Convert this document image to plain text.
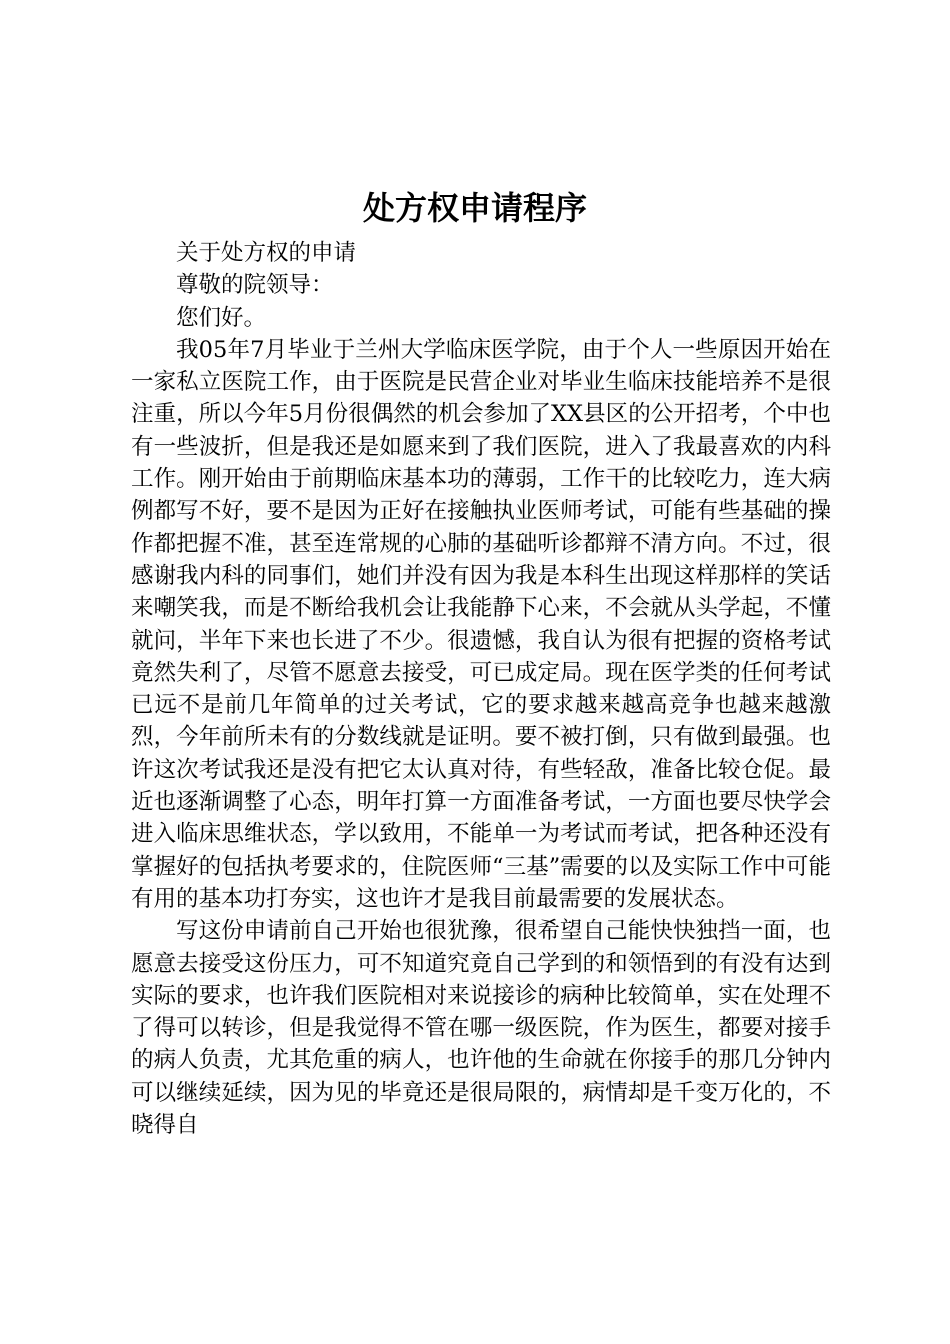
处方权申请程序

关于处方权的申请

尊敬的院领导：

您们好。

我05年7月毕业于兰州大学临床医学院，由于个人一些原因开始在一家私立医院工作，由于医院是民营企业对毕业生临床技能培养不是很注重，所以今年5月份很偶然的机会参加了XX县区的公开招考，个中也有一些波折，但是我还是如愿来到了我们医院，进入了我最喜欢的内科工作。刚开始由于前期临床基本功的薄弱，工作干的比较吃力，连大病例都写不好，要不是因为正好在接触执业医师考试，可能有些基础的操作都把握不准，甚至连常规的心肺的基础听诊都辩不清方向。不过，很感谢我内科的同事们，她们并没有因为我是本科生出现这样那样的笑话来嘲笑我，而是不断给我机会让我能静下心来，不会就从头学起，不懂就问，半年下来也长进了不少。很遗憾，我自认为很有把握的资格考试竟然失利了，尽管不愿意去接受，可已成定局。现在医学类的任何考试已远不是前几年简单的过关考试，它的要求越来越高竞争也越来越激烈，今年前所未有的分数线就是证明。要不被打倒，只有做到最强。也许这次考试我还是没有把它太认真对待，有些轻敌，准备比较仓促。最近也逐渐调整了心态，明年打算一方面准备考试，一方面也要尽快学会进入临床思维状态，学以致用，不能单一为考试而考试，把各种还没有掌握好的包括执考要求的，住院医师“三基”需要的以及实际工作中可能有用的基本功打夯实，这也许才是我目前最需要的发展状态。

写这份申请前自己开始也很犹豫，很希望自己能快快独挡一面，也愿意去接受这份压力，可不知道究竟自己学到的和领悟到的有没有达到实际的要求，也许我们医院相对来说接诊的病种比较简单，实在处理不了得可以转诊，但是我觉得不管在哪一级医院，作为医生，都要对接手的病人负责，尤其危重的病人，也许他的生命就在你接手的那几分钟内可以继续延续，因为见的毕竟还是很局限的，病情却是千变万化的，不晓得自
